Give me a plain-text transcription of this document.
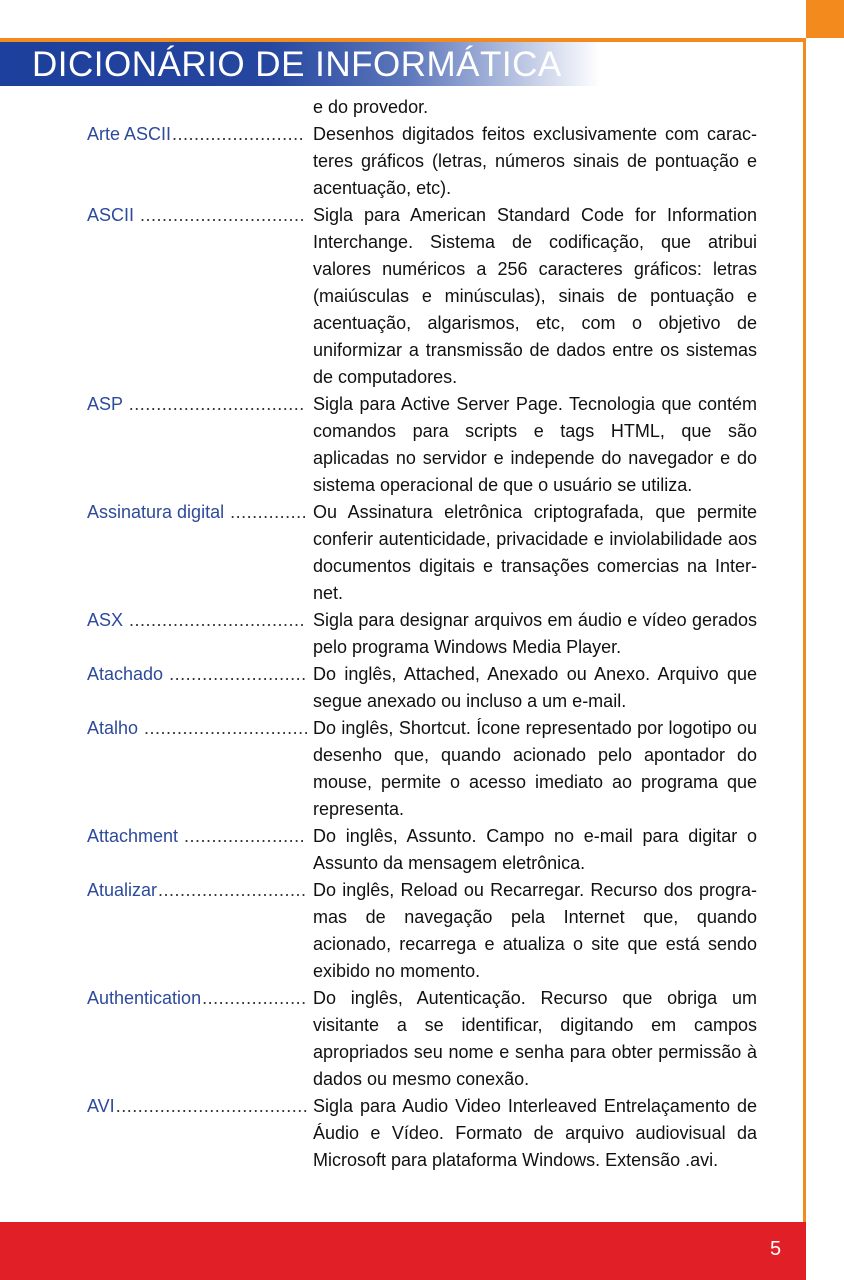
DICIONÁRIO DE INFORMÁTICA
e do provedor.
Arte ASCII........................ Desenhos digitados feitos exclusivamente com caracteres gráficos (letras, números sinais de pontuação e acentuação, etc).
ASCII .............................. Sigla para American Standard Code for Information Interchange. Sistema de codificação, que atribui valores numéricos a 256 caracteres gráficos: letras (maiúsculas e minúsculas), sinais de pontuação e acentuação, algarismos, etc, com o objetivo de uniformizar a transmissão de dados entre os sistemas de computadores.
ASP ................................ Sigla para Active Server Page. Tecnologia que contém comandos para scripts e tags HTML, que são aplicadas no servidor e independe do navegador e do sistema operacional de que o usuário se utiliza.
Assinatura digital .............. Ou Assinatura eletrônica criptografada, que permite conferir autenticidade, privacidade e inviolabilidade aos documentos digitais e transações comercias na Internet.
ASX ................................ Sigla para designar arquivos em áudio e vídeo gerados pelo programa Windows Media Player.
Atachado ......................... Do inglês, Attached, Anexado ou Anexo. Arquivo que segue anexado ou incluso a um e-mail.
Atalho .............................. Do inglês, Shortcut. Ícone representado por logotipo ou desenho que, quando acionado pelo apontador do mouse, permite o acesso imediato ao programa que representa.
Attachment ...................... Do inglês, Assunto. Campo no e-mail para digitar o Assunto da mensagem eletrônica.
Atualizar........................... Do inglês, Reload ou Recarregar. Recurso dos programas de navegação pela Internet que, quando acionado, recarrega e atualiza o site que está sendo exibido no momento.
Authentication................... Do inglês, Autenticação. Recurso que obriga um visitante a se identificar, digitando em campos apropriados seu nome e senha para obter permissão à dados ou mesmo conexão.
AVI................................... Sigla para Audio Video Interleaved Entrelaçamento de Áudio e Vídeo. Formato de arquivo audiovisual da Microsoft para plataforma Windows. Extensão .avi.
5
